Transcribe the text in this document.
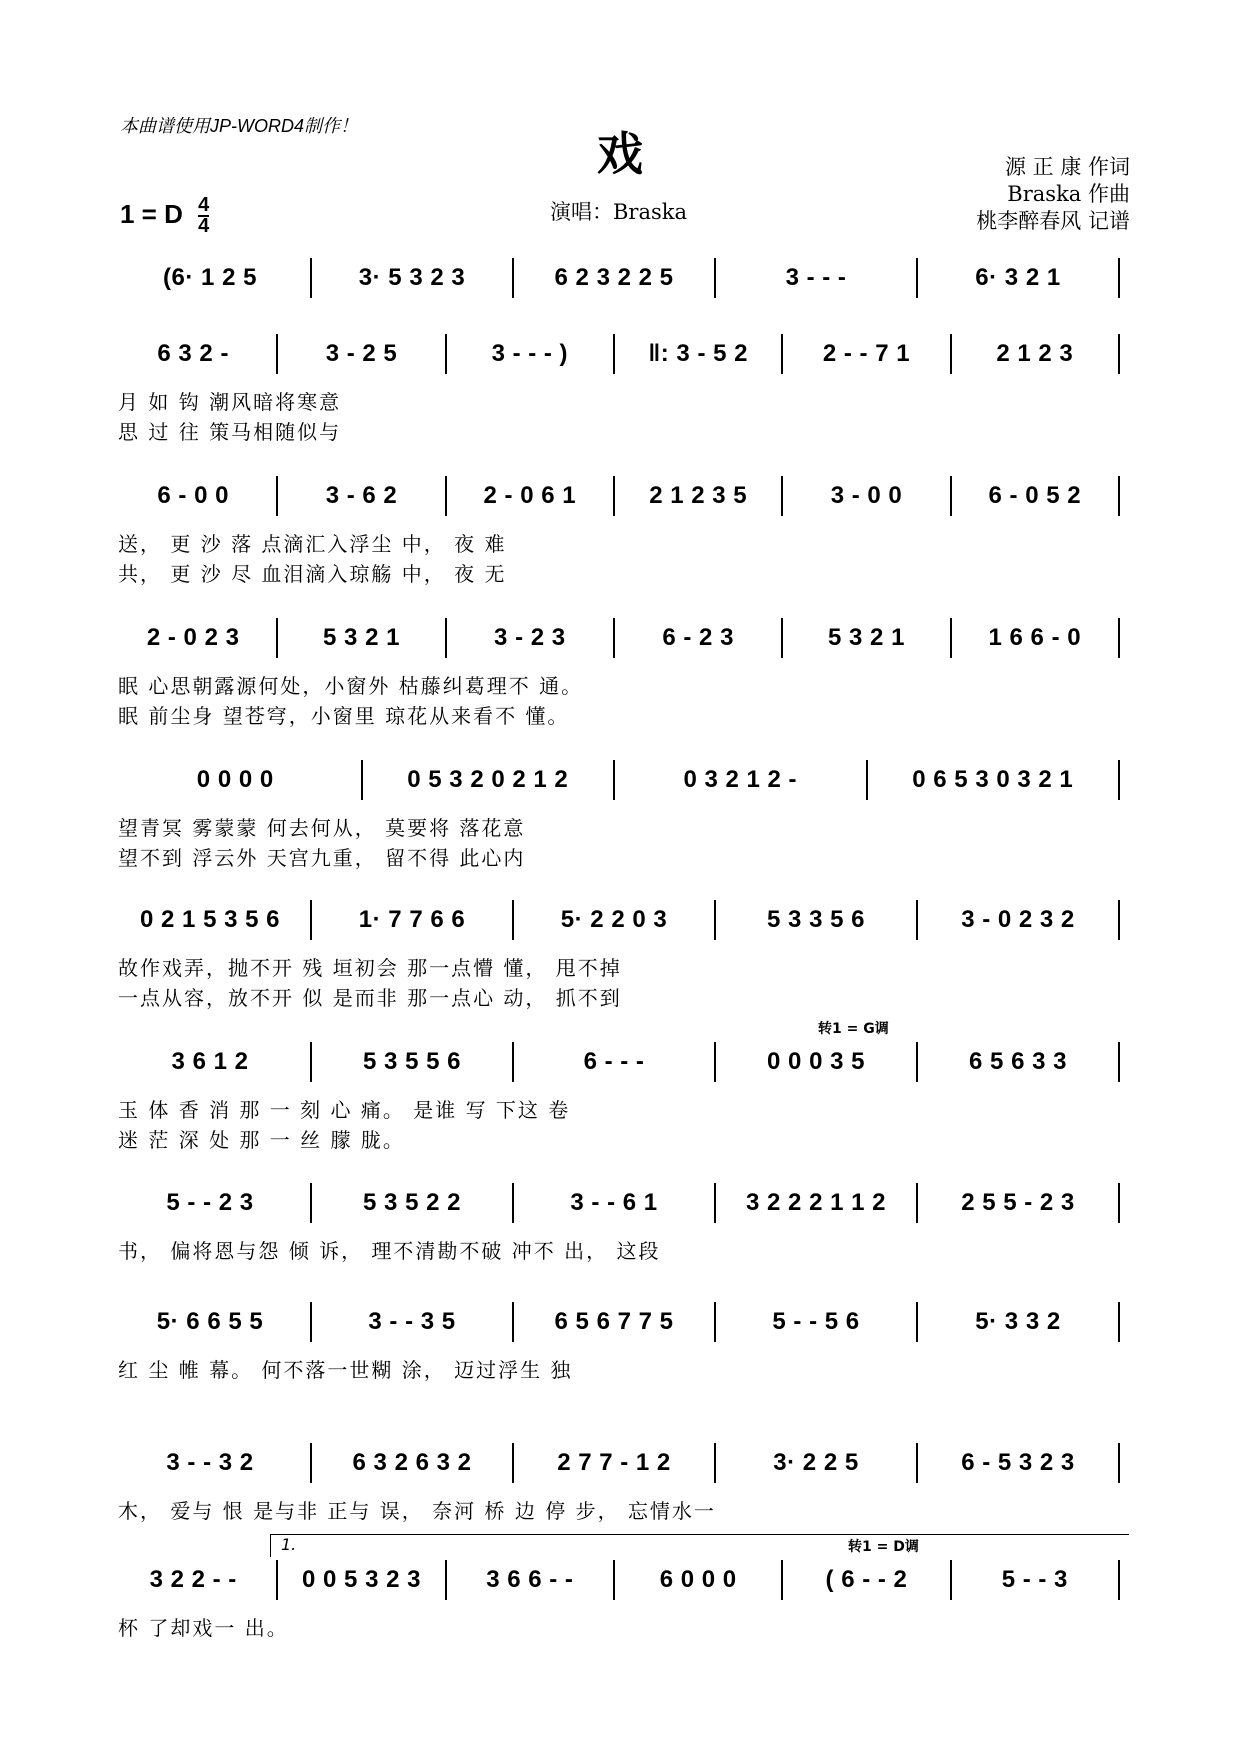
本曲谱使用JP-WORD4制作！
戏
1 = D $\frac{4}{4}$	演唱：Braska
源 正 康 作词
Braska 作曲
桃李醉春风 记谱
(6· 1 2 5	3· 5 3 2 3	6 2 3 2 2 5	3 - - -	6· 3 2 1
6 3 2 -	3 - 2 5	3 - - - )	‖: 3 - 5 2	2 - - 7 1	2 1 2 3
月 如 钩 潮风暗将寒意
思 过 往 策马相随似与
6 - 0 0	3 - 6 2	2 - 0 6 1	2 1 2 3 5	3 - 0 0	6 - 0 5 2
送， 更 沙 落 点滴汇入浮尘 中， 夜 难
共， 更 沙 尽 血泪滴入琼觞 中， 夜 无
2 - 0 2 3	5 3 2 1	3 - 2 3	6 - 2 3	5 3 2 1	1 6 6 - 0
眠 心思朝露源何处，小窗外 枯藤纠葛理不 通。
眠 前尘身 望苍穹，小窗里 琼花从来看不 懂。
0 0 0 0	0 5 3 2 0 2 1 2	0 3 2 1 2 -	0 6 5 3 0 3 2 1
望青冥 雾蒙蒙 何去何从， 莫要将 落花意
望不到 浮云外 天宫九重， 留不得 此心内
0 2 1 5 3 5 6	1· 7 7 6 6	5· 2 2 0 3	5 3 3 5 6	3 - 0 2 3 2
故作戏弄，抛不开 残 垣初会 那一点懵 懂， 甩不掉
一点从容，放不开 似 是而非 那一点心 动， 抓不到
3 6 1 2	5 3 5 5 6	6 - - -	0 0 0 3 5	6 5 6 3 3
玉 体 香 消 那 一 刻 心 痛。 是谁 写 下这 卷
迷 茫 深 处 那 一 丝 朦 胧。
转1 = G调
5 - - 2 3	5 3 5 2 2	3 - - 6 1	3 2 2 2 1 1 2	2 5 5 - 2 3
书， 偏将恩与怨 倾 诉， 理不清勘不破 冲不 出， 这段
5· 6 6 5 5	3 - - 3 5	6 5 6 7 7 5	5 - - 5 6	5· 3 3 2
红 尘 帷 幕。 何不落一世糊 涂， 迈过浮生 独
3 - - 3 2	6 3 2 6 3 2	2 7 7 - 1 2	3· 2 2 5	6 - 5 3 2 3
木， 爱与 恨 是与非 正与 误， 奈河 桥 边 停 步， 忘情水一
3 2 2 - -	0 0 5 3 2 3	3 6 6 - -	6 0 0 0	( 6 - - 2	5 - - 3
杯 了却戏一 出。
1.	转1 = D调
